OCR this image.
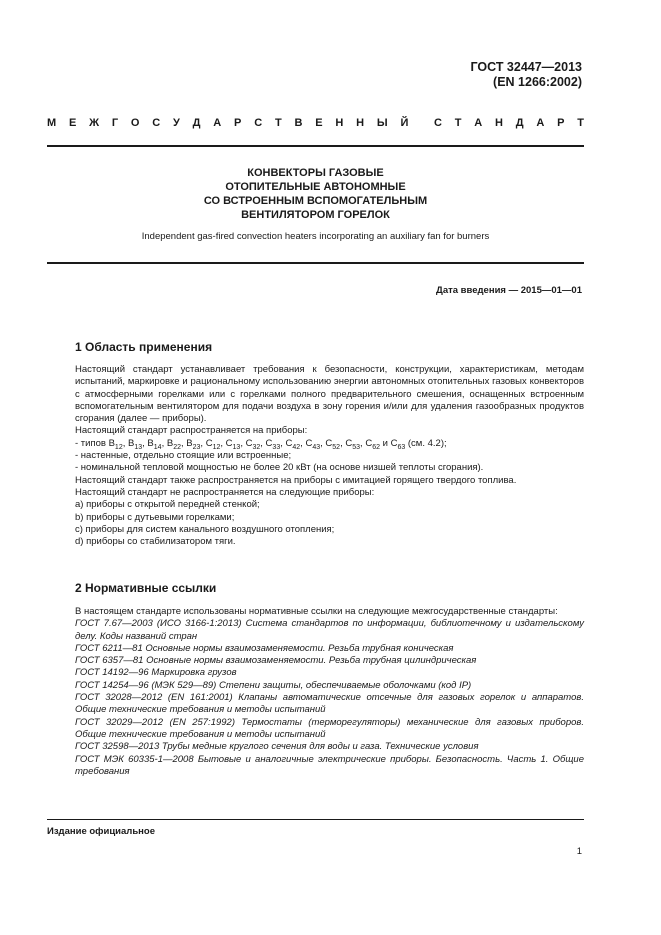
ГОСТ 32447—2013
(EN 1266:2002)
М Е Ж Г О С У Д А Р С Т В Е Н Н Ы Й С Т А Н Д А Р Т
КОНВЕКТОРЫ ГАЗОВЫЕ
ОТОПИТЕЛЬНЫЕ АВТОНОМНЫЕ
СО ВСТРОЕННЫМ ВСПОМОГАТЕЛЬНЫМ
ВЕНТИЛЯТОРОМ ГОРЕЛОК
Independent gas-fired convection heaters incorporating an auxiliary fan for burners
Дата введения — 2015—01—01
1 Область применения
Настоящий стандарт устанавливает требования к безопасности, конструкции, характеристикам, методам испытаний, маркировке и рациональному использованию энергии автономных отопительных газовых конвекторов с атмосферными горелками или с горелками полного предварительного смешения, оснащенных встроенным вспомогательным вентилятором для подачи воздуха в зону горения и/или для удаления газообразных продуктов сгорания (далее — приборы).
Настоящий стандарт распространяется на приборы:
- типов $B_{12}$, $B_{13}$, $B_{14}$, $B_{22}$, $B_{23}$, $C_{12}$, $C_{13}$, $C_{32}$, $C_{33}$, $C_{42}$, $C_{43}$, $C_{52}$, $C_{53}$, $C_{62}$ и $C_{63}$ (см. 4.2);
- настенные, отдельно стоящие или встроенные;
- номинальной тепловой мощностью не более 20 кВт (на основе низшей теплоты сгорания).
Настоящий стандарт также распространяется на приборы с имитацией горящего твердого топлива.
Настоящий стандарт не распространяется на следующие приборы:
a) приборы с открытой передней стенкой;
b) приборы с дутьевыми горелками;
c) приборы для систем канального воздушного отопления;
d) приборы со стабилизатором тяги.
2 Нормативные ссылки
В настоящем стандарте использованы нормативные ссылки на следующие межгосударственные стандарты:
ГОСТ 7.67—2003 (ИСО 3166-1:2013) Система стандартов по информации, библиотечному и издательскому делу. Коды названий стран
ГОСТ 6211—81 Основные нормы взаимозаменяемости. Резьба трубная коническая
ГОСТ 6357—81 Основные нормы взаимозаменяемости. Резьба трубная цилиндрическая
ГОСТ 14192—96 Маркировка грузов
ГОСТ 14254—96 (МЭК 529—89) Степени защиты, обеспечиваемые оболочками (код IP)
ГОСТ 32028—2012 (EN 161:2001) Клапаны автоматические отсечные для газовых горелок и аппаратов. Общие технические требования и методы испытаний
ГОСТ 32029—2012 (EN 257:1992) Термостаты (терморегуляторы) механические для газовых приборов. Общие технические требования и методы испытаний
ГОСТ 32598—2013 Трубы медные круглого сечения для воды и газа. Технические условия
ГОСТ МЭК 60335-1—2008 Бытовые и аналогичные электрические приборы. Безопасность. Часть 1. Общие требования
Издание официальное
1
